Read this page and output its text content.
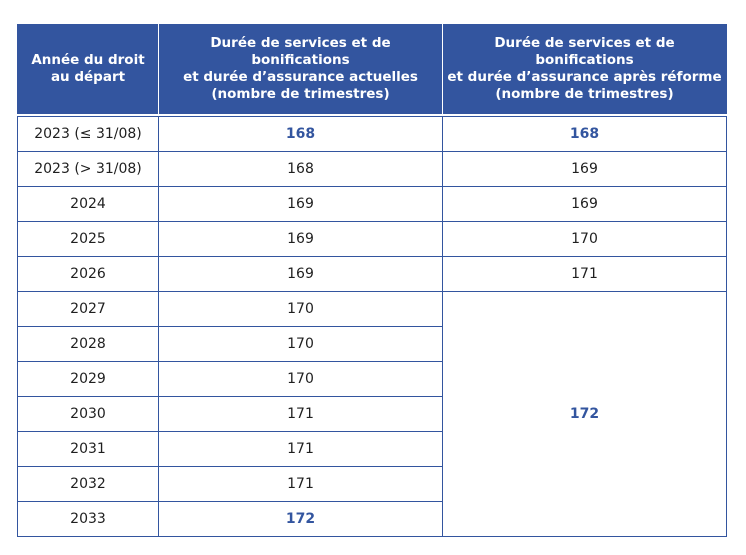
Année du droit
au départ	Durée de services et de bonifications
et durée d’assurance actuelles
(nombre de trimestres)	Durée de services et de bonifications
et durée d’assurance après réforme
(nombre de trimestres)

2023 (≤ 31/08)	168	168
2023 (> 31/08)	168	169
2024	169	169
2025	169	170
2026	169	171
2027	170	172
2028	170	
2029	170	
2030	171	
2031	171	
2032	171	
2033	172	
